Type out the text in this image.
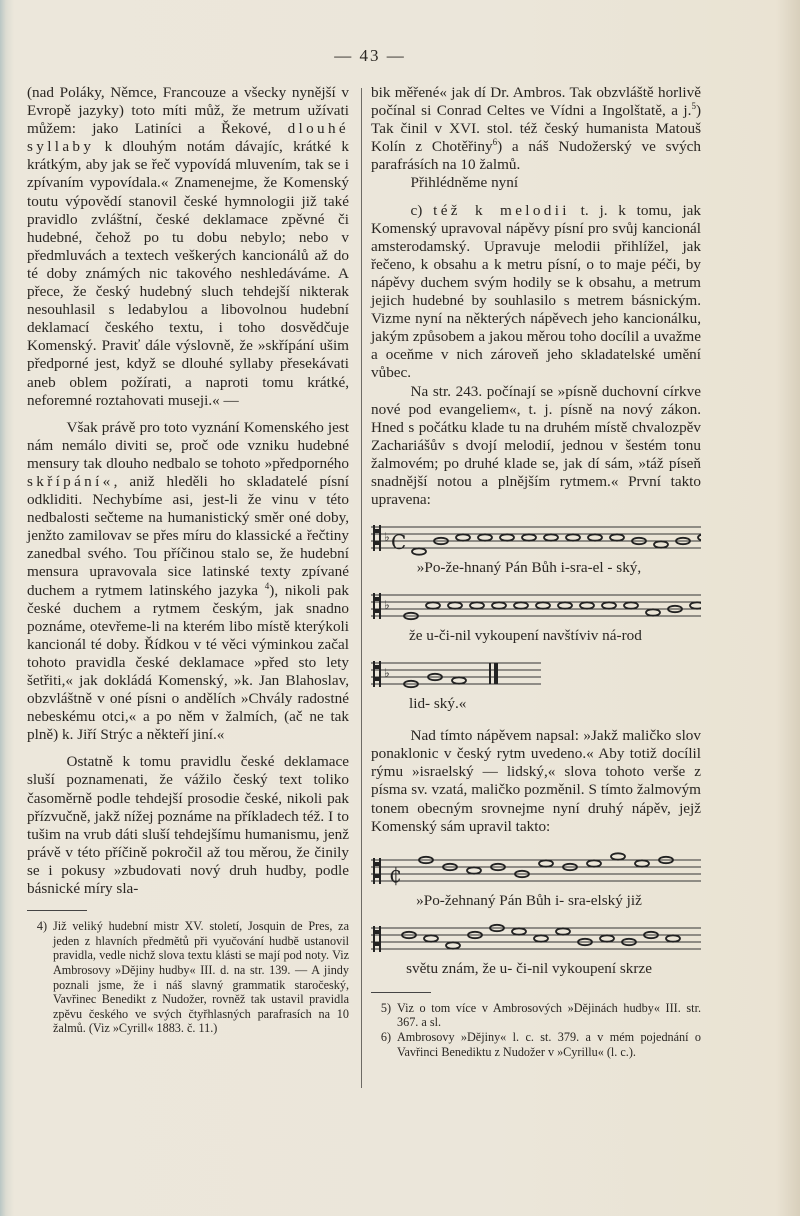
— 43 —

(nad Poláky, Němce, Francouze a všecky nynější v Evropě jazyky) toto míti můž, že metrum užívati můžem: jako Latiníci a Řekové, dlouhé syllaby k dlouhým notám dávajíc, krátké k krátkým, aby jak se řeč vypovídá mluvením, tak se i zpívaním vypovídala.« Znamenejme, že Komenský toutu výpovědí stanovil české hymnologii již také pravidlo zvláštní, české deklamace zpěvné či hudebné, čehož po tu dobu nebylo; nebo v předmluvách a textech veškerých kancionálů až do té doby známých nic takového neshledáváme. A přece, že český hudebný sluch tehdejší nikterak nesouhlasil s ledabylou a libovolnou hudební deklamací českého textu, i toho dosvědčuje Komenský. Praviť dále výslovně, že »skřípání ušim předporné jest, když se dlouhé syllaby přesekávati aneb oblem požírati, a naproti tomu krátké, neforemné roztahovati museji.« —

Však právě pro toto vyznání Komenského jest nám nemálo diviti se, proč ode vzniku hudebné mensury tak dlouho nedbalo se tohoto »předporného skřípání«, aniž hleděli ho skladatelé písní odkliditi. Nechybíme asi, jest-li že vinu v této nedbalosti sečteme na humanistický směr oné doby, jenžto zamilovav se přes míru do klassické a řečtiny zanedbal svého. Tou příčinou stalo se, že hudební mensura upravovala sice latinské texty zpívané duchem a rytmem latinského jazyka $^4$), nikoli pak české duchem a rytmem českým, jak snadno poznáme, otevřeme-li na kterém libo místě kterýkoli kancionál té doby. Řídkou v té věci výminkou začal tohoto pravidla české deklamace »před sto lety šetřiti,« jak dokládá Komenský, »k. Jan Blahoslav, obzvláštně v oné písni o andělích »Chvály radostné nebeskému otci,« a po něm v žalmích, (ač ne tak plně) k. Jiří Strýc a někteří jiní.«

Ostatně k tomu pravidlu české deklamace sluší poznamenati, že vážilo český text toliko časoměrně podle tehdejší prosodie české, nikoli pak přízvučně, jakž nížej poznáme na příkladech též. I to tušim na vrub dáti sluší tehdejšímu humanismu, jenž právě v této příčině pokročil až tou měrou, že činily se i pokusy »zbudovati nový druh hudby, podle básnické míry sla-

4) Již veliký hudební mistr XV. století, Josquin de Pres, za jeden z hlavních předmětů při vyučování hudbě ustanovil pravidla, vedle nichž slova textu klásti se mají pod noty. Viz Ambrosovy »Dějiny hudby« III. d. na str. 139. — A jindy poznali jsme, že i náš slavný grammatik staročeský, Vavřinec Benedikt z Nudožer, rovněž tak ustavil pravidla zpěvu českého ve svých čtyřhlasných parafrasích na 10 žalmů. (Viz »Cyrill« 1883. č. 11.)

bik měřené« jak dí Dr. Ambros. Tak obzvláště horlivě počínal si Conrad Celtes ve Vídni a Ingolštatě, a j.$^5$) Tak činil v XVI. stol. též český humanista Matouš Kolín z Chotěřiny$^6$) a náš Nudožerský ve svých parafrásích na 10 žalmů.

Přihlédněme nyní

c) též k melodii t. j. k tomu, jak Komenský upravoval nápěvy písní pro svůj kancionál amsterodamský. Upravuje melodii přihlížel, jak řečeno, k obsahu a k metru písní, o to maje péči, by nápěvy duchem svým hodily se k obsahu, a metrum jejich hudebné by souhlasilo s metrem básnickým. Vizme nyní na některých nápěvech jeho kancionálku, jakým způsobem a jakou měrou toho docílil a uvažme a oceňme v nich zároveň jeho skladatelské umění vůbec.

Na str. 243. počínají se »písně duchovní církve nové pod evangeliem«, t. j. písně na nový zákon. Hned s počátku klade tu na druhém místě chvalozpěv Zachariášův s dvojí melodií, jednou v šestém tonu žalmovém; po druhé klade se, jak dí sám, »táž píseň snadnější notou a plnějším rytmem.« První takto upravena:

♭ C
»Po-že-hnaný Pán Bůh i-sra-el - ský,
♭
že u-či-nil vykoupení navštíviv ná-rod
♭
lid- ský.«

Nad tímto nápěvem napsal: »Jakž maličko slov ponaklonic v český rytm uvedeno.« Aby totiž docílil rýmu »israelský — lidský,« slova tohoto verše z písma sv. vzatá, maličko pozměnil. S tímto žalmovým tonem obecným srovnejme nyní druhý nápěv, jejž Komenský sám upravil takto:

₵
»Po-žehnaný Pán Bůh i- sra-elský již
světu znám, že u- či-nil vykoupení skrze
5) Viz o tom více v Ambrosových »Dějinách hudby« III. str. 367. a sl.
6) Ambrosovy »Dějiny« l. c. st. 379. a v mém pojednání o Vavřinci Benediktu z Nudožer v »Cyrillu« (l. c.).
